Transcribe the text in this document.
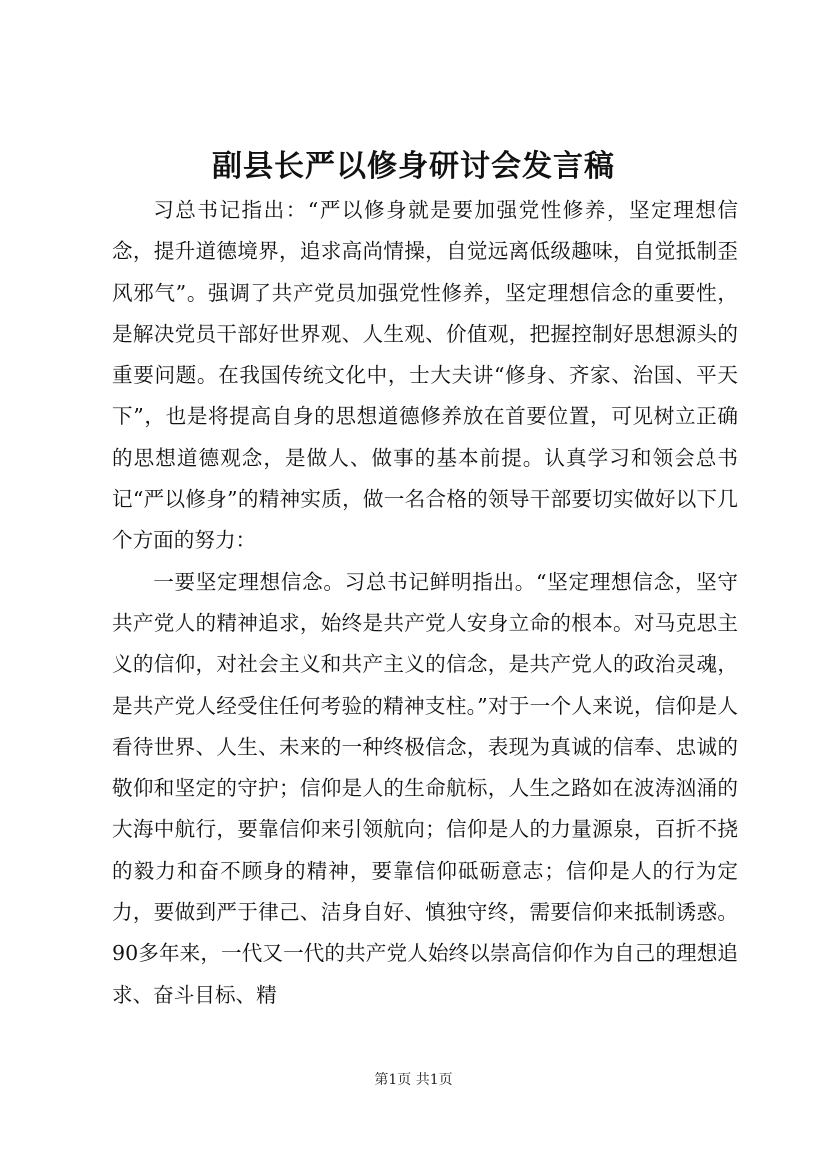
副县长严以修身研讨会发言稿

习总书记指出：“严以修身就是要加强党性修养，坚定理想信念，提升道德境界，追求高尚情操，自觉远离低级趣味，自觉抵制歪风邪气”。强调了共产党员加强党性修养，坚定理想信念的重要性，是解决党员干部好世界观、人生观、价值观，把握控制好思想源头的重要问题。在我国传统文化中，士大夫讲“修身、齐家、治国、平天下”，也是将提高自身的思想道德修养放在首要位置，可见树立正确的思想道德观念，是做人、做事的基本前提。认真学习和领会总书记“严以修身”的精神实质，做一名合格的领导干部要切实做好以下几个方面的努力：

一要坚定理想信念。习总书记鲜明指出。“坚定理想信念，坚守共产党人的精神追求，始终是共产党人安身立命的根本。对马克思主义的信仰，对社会主义和共产主义的信念，是共产党人的政治灵魂，是共产党人经受住任何考验的精神支柱。”对于一个人来说，信仰是人看待世界、人生、未来的一种终极信念，表现为真诚的信奉、忠诚的敬仰和坚定的守护；信仰是人的生命航标，人生之路如在波涛汹涌的大海中航行，要靠信仰来引领航向；信仰是人的力量源泉，百折不挠的毅力和奋不顾身的精神，要靠信仰砥砺意志；信仰是人的行为定力，要做到严于律己、洁身自好、慎独守终，需要信仰来抵制诱惑。90多年来，一代又一代的共产党人始终以崇高信仰作为自己的理想追求、奋斗目标、精

第1页 共1页
